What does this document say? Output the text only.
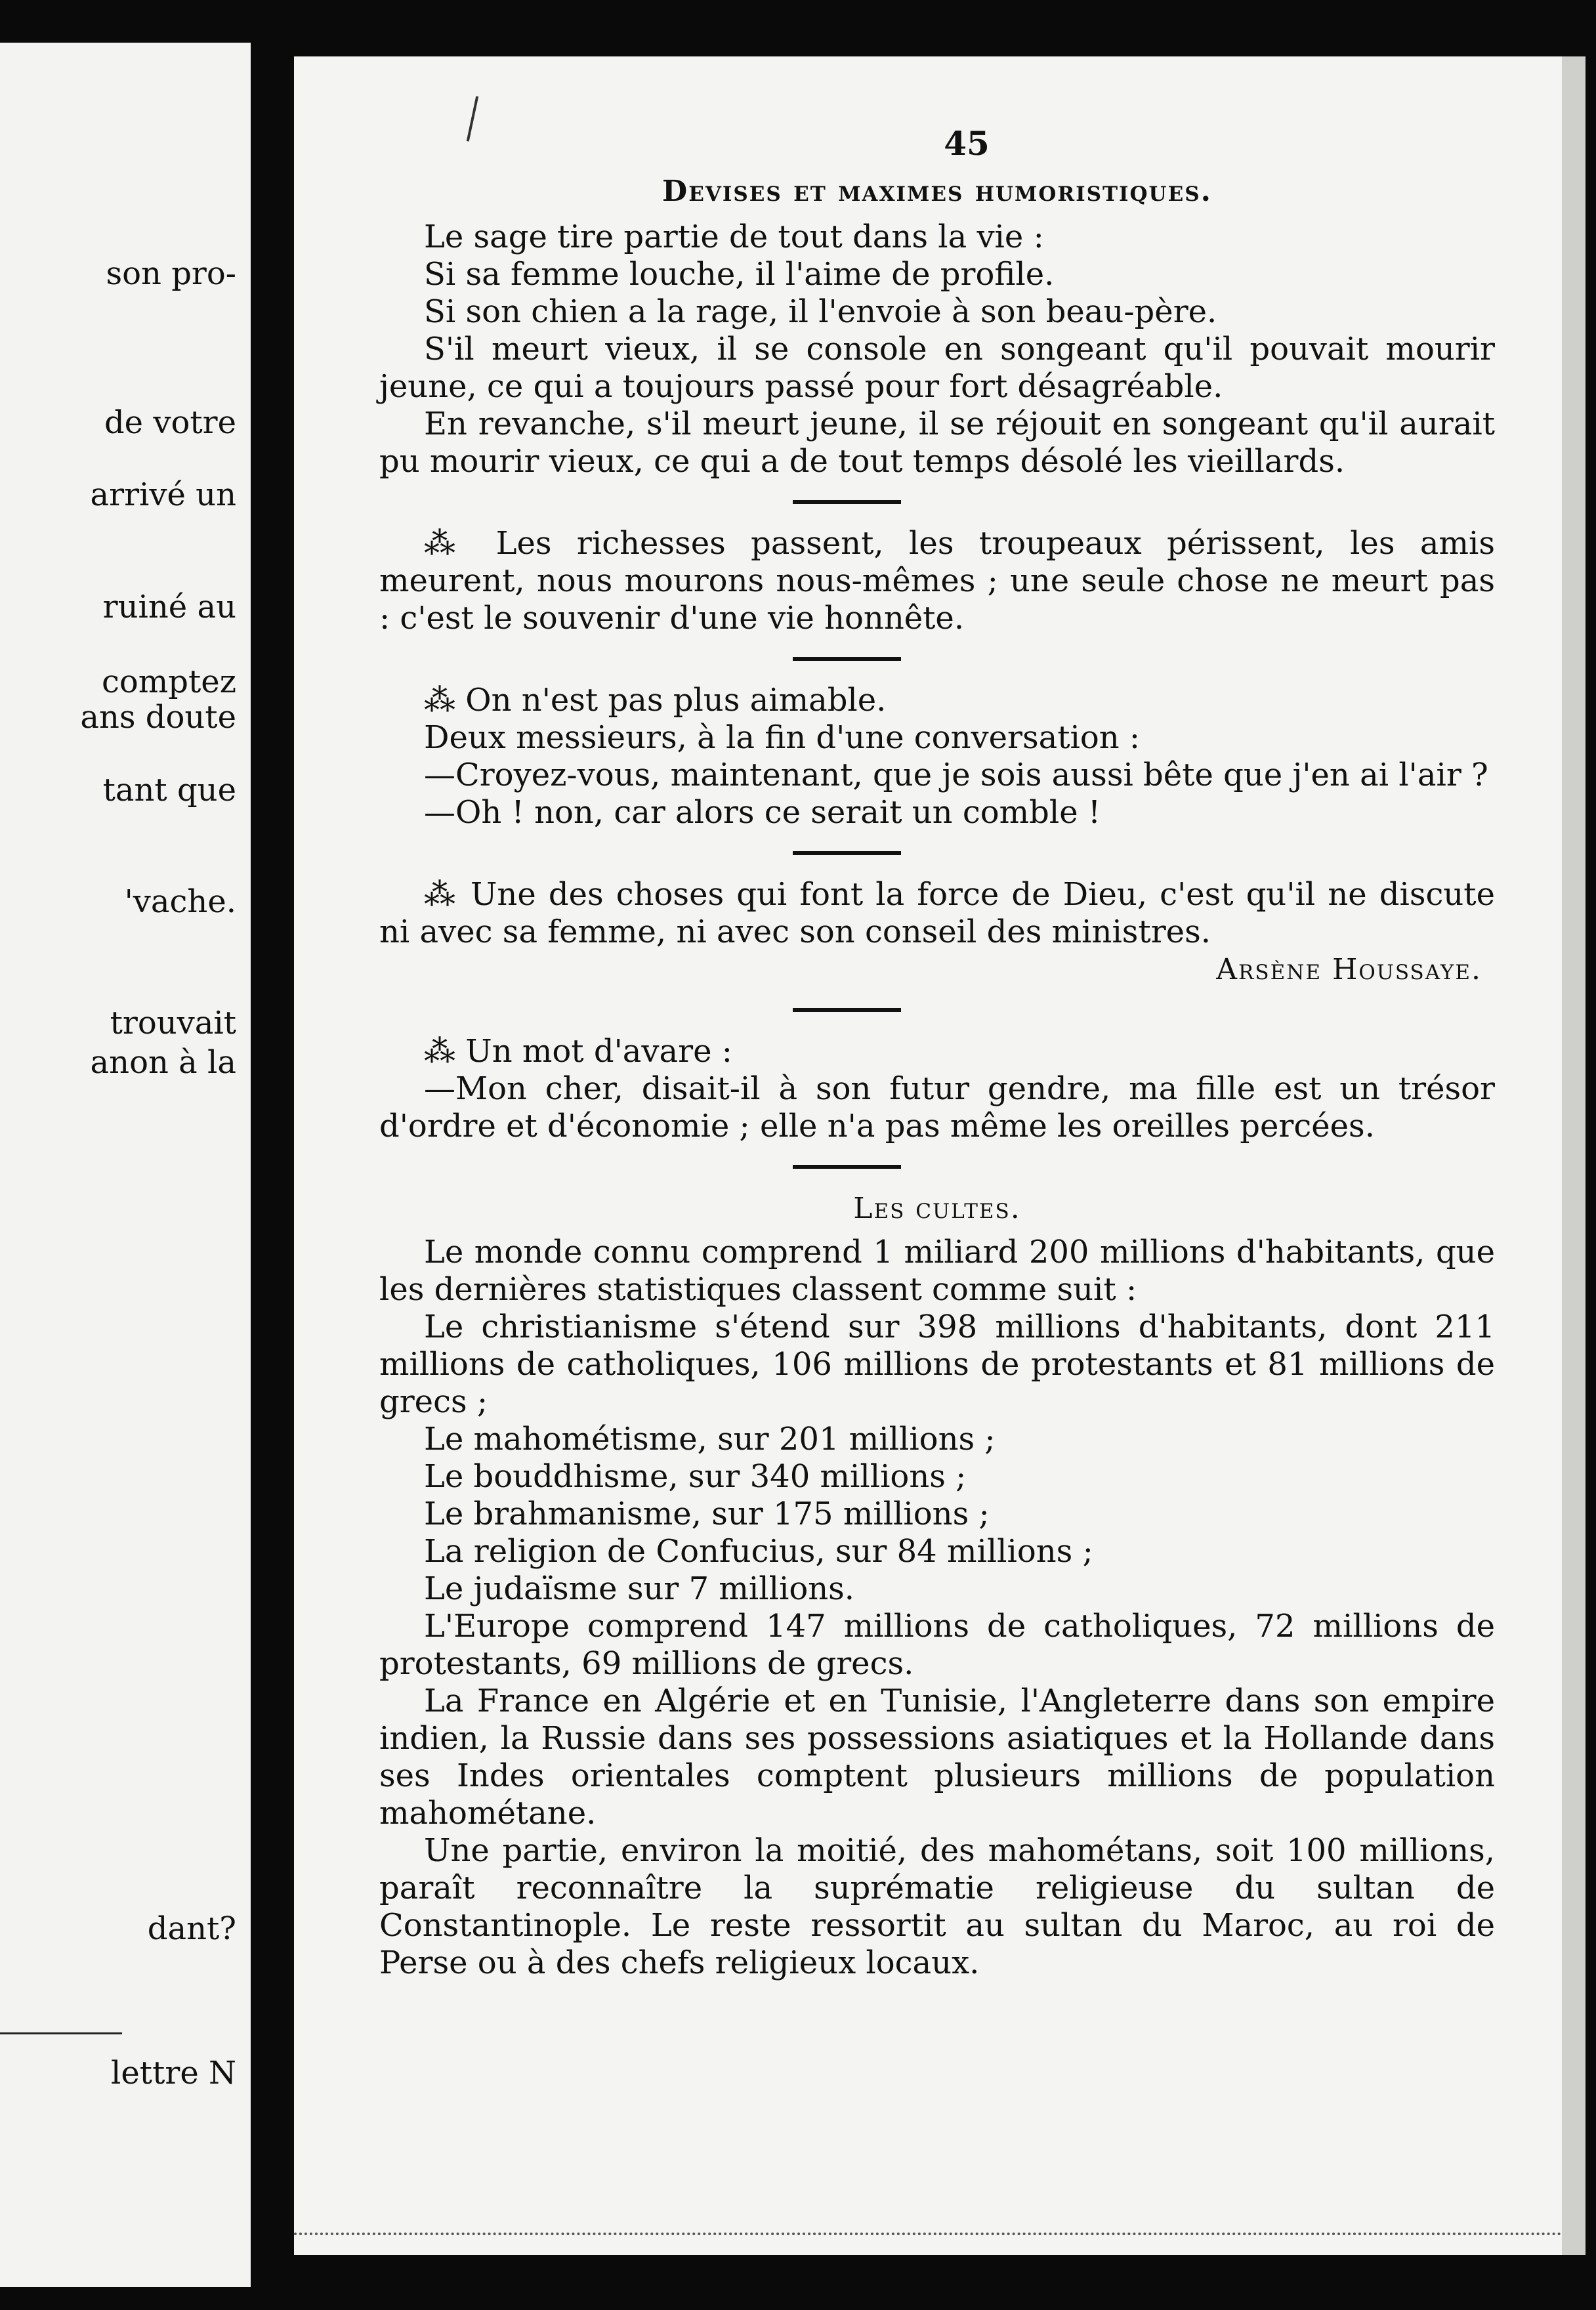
son pro-
de votre
arrivé un
ruiné au
comptez
ans doute
tant que
'vache.
trouvait
anon à la
dant?
lettre N
45
Devises et maximes humoristiques.

Le sage tire partie de tout dans la vie :

Si sa femme louche, il l'aime de profile.

Si son chien a la rage, il l'envoie à son beau-père.

S'il meurt vieux, il se console en songeant qu'il pouvait mourir jeune, ce qui a toujours passé pour fort désagréable.

En revanche, s'il meurt jeune, il se réjouit en songeant qu'il aurait pu mourir vieux, ce qui a de tout temps désolé les vieillards.

⁂ Les richesses passent, les troupeaux périssent, les amis meurent, nous mourons nous-mêmes ; une seule chose ne meurt pas : c'est le souvenir d'une vie honnête.

⁂ On n'est pas plus aimable.

Deux messieurs, à la fin d'une conversation :

—Croyez-vous, maintenant, que je sois aussi bête que j'en ai l'air ?

—Oh ! non, car alors ce serait un comble !

⁂ Une des choses qui font la force de Dieu, c'est qu'il ne discute ni avec sa femme, ni avec son conseil des ministres.

Arsène Houssaye.

⁂ Un mot d'avare :

—Mon cher, disait-il à son futur gendre, ma fille est un trésor d'ordre et d'économie ; elle n'a pas même les oreilles percées.

Les cultes.

Le monde connu comprend 1 miliard 200 millions d'habitants, que les dernières statistiques classent comme suit :

Le christianisme s'étend sur 398 millions d'habitants, dont 211 millions de catholiques, 106 millions de protestants et 81 millions de grecs ;

Le mahométisme, sur 201 millions ;

Le bouddhisme, sur 340 millions ;

Le brahmanisme, sur 175 millions ;

La religion de Confucius, sur 84 millions ;

Le judaïsme sur 7 millions.

L'Europe comprend 147 millions de catholiques, 72 millions de protestants, 69 millions de grecs.

La France en Algérie et en Tunisie, l'Angleterre dans son empire indien, la Russie dans ses possessions asiatiques et la Hollande dans ses Indes orientales comptent plusieurs millions de population mahométane.

Une partie, environ la moitié, des mahométans, soit 100 millions, paraît reconnaître la suprématie religieuse du sultan de Constantinople. Le reste ressortit au sultan du Maroc, au roi de Perse ou à des chefs religieux locaux.
